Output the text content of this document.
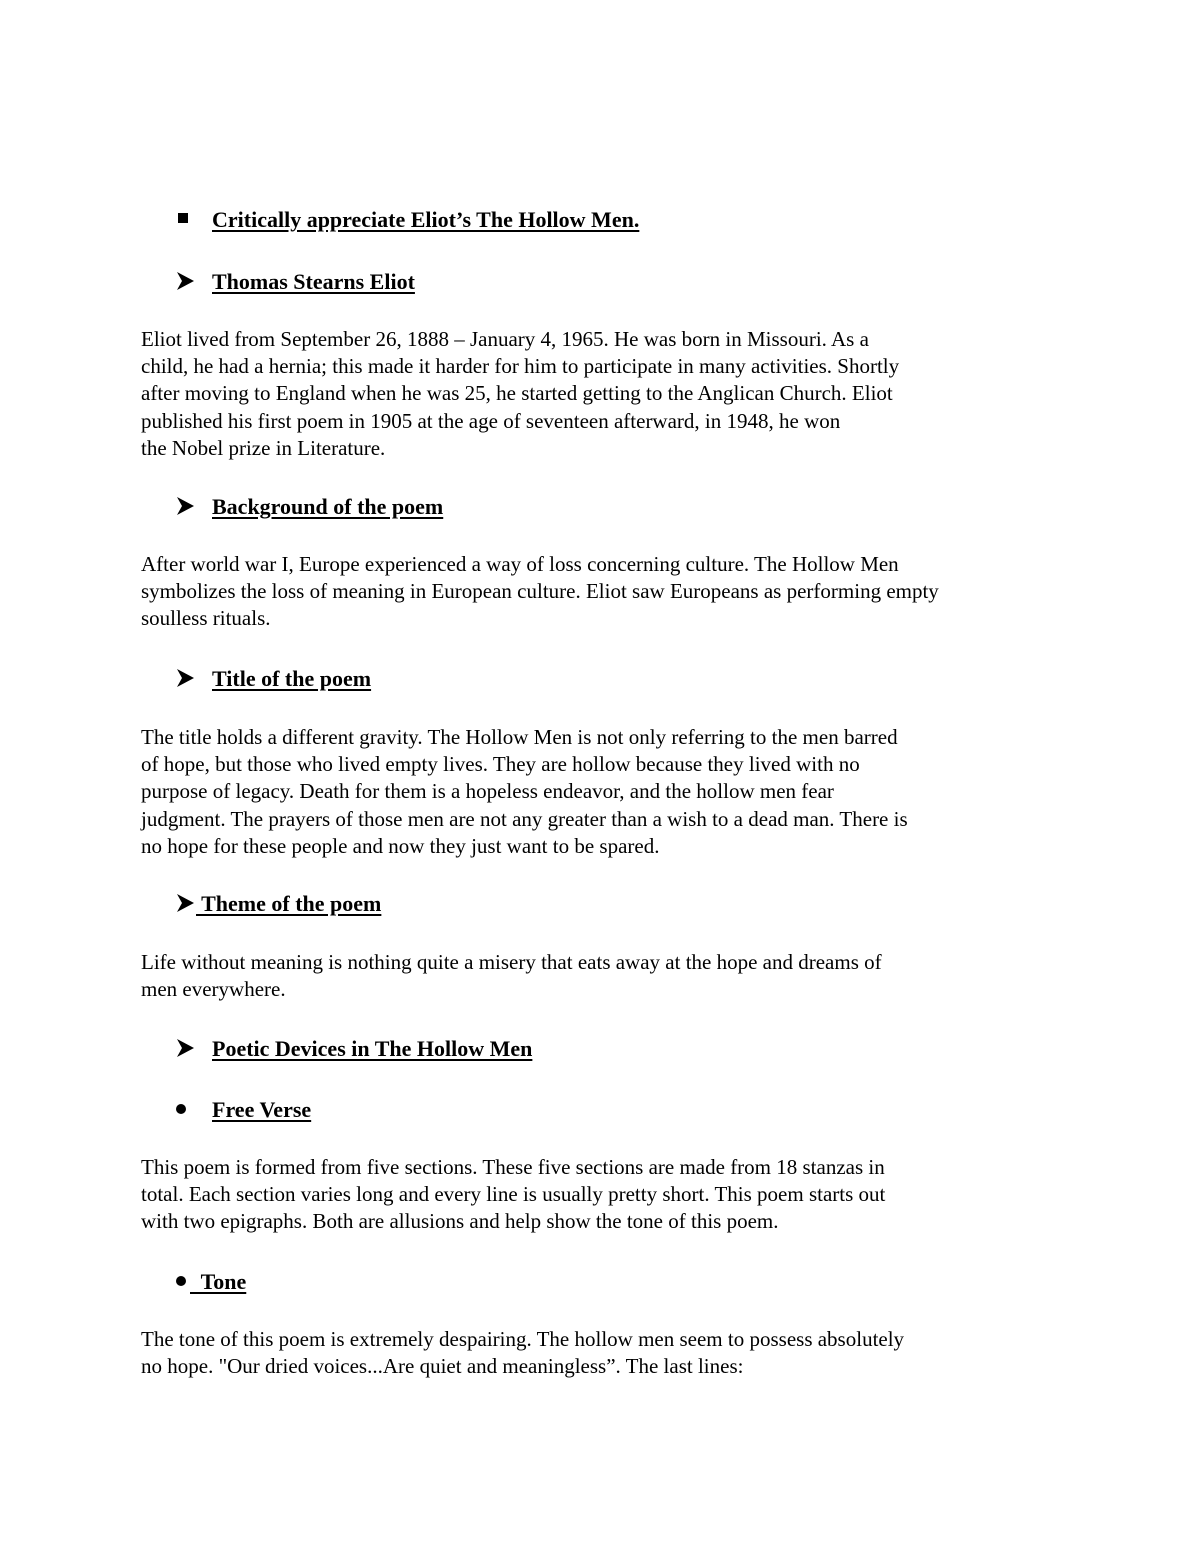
Critically appreciate Eliot’s The Hollow Men.
Thomas Stearns Eliot
Eliot lived from September 26, 1888 – January 4, 1965. He was born in Missouri. As a
child, he had a hernia; this made it harder for him to participate in many activities. Shortly
after moving to England when he was 25, he started getting to the Anglican Church. Eliot
published his first poem in 1905 at the age of seventeen afterward, in 1948, he won
the Nobel prize in Literature.
Background of the poem
After world war I, Europe experienced a way of loss concerning culture. The Hollow Men
symbolizes the loss of meaning in European culture. Eliot saw Europeans as performing empty
soulless rituals.
Title of the poem
The title holds a different gravity. The Hollow Men is not only referring to the men barred
of hope, but those who lived empty lives. They are hollow because they lived with no
purpose of legacy. Death for them is a hopeless endeavor, and the hollow men fear
judgment. The prayers of those men are not any greater than a wish to a dead man. There is
no hope for these people and now they just want to be spared.
Theme of the poem
Life without meaning is nothing quite a misery that eats away at the hope and dreams of
men everywhere.
Poetic Devices in The Hollow Men
Free Verse
This poem is formed from five sections. These five sections are made from 18 stanzas in
total. Each section varies long and every line is usually pretty short. This poem starts out
with two epigraphs. Both are allusions and help show the tone of this poem.
Tone
The tone of this poem is extremely despairing. The hollow men seem to possess absolutely
no hope. "Our dried voices...Are quiet and meaningless”. The last lines:
